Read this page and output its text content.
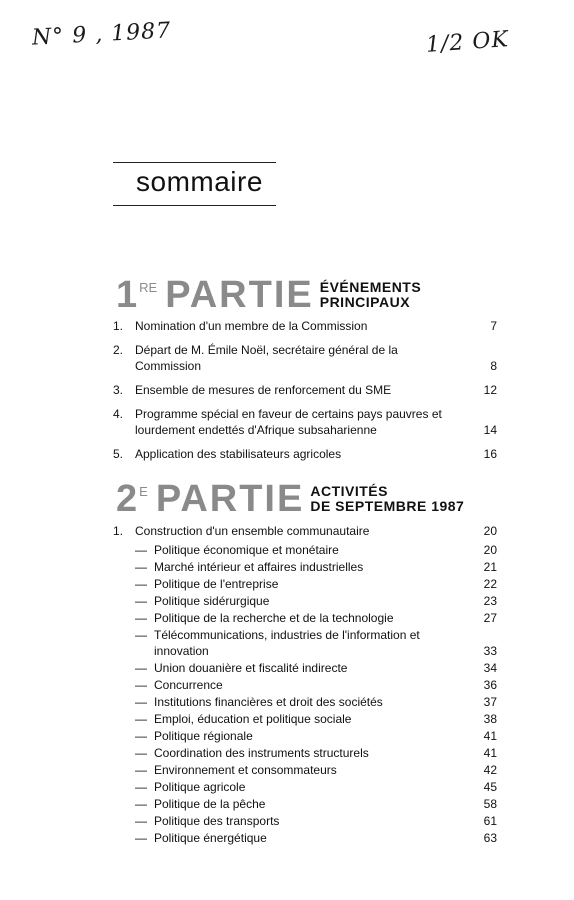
N° 9 , 1987	1/2 OK
sommaire
1 RE PARTIE ÉVÉNEMENTS
PRINCIPAUX
1. Nomination d'un membre de la Commission	7
2. Départ de M. Émile Noël, secrétaire général de la Commission	8
3. Ensemble de mesures de renforcement du SME	12
4. Programme spécial en faveur de certains pays pauvres et lourdement endettés d'Afrique subsaharienne	14
5. Application des stabilisateurs agricoles	16
2 E PARTIE ACTIVITÉS
DE SEPTEMBRE 1987
1. Construction d'un ensemble communautaire	20
— Politique économique et monétaire	20
— Marché intérieur et affaires industrielles	21
— Politique de l'entreprise	22
— Politique sidérurgique	23
— Politique de la recherche et de la technologie	27
— Télécommunications, industries de l'information et innovation	33
— Union douanière et fiscalité indirecte	34
— Concurrence	36
— Institutions financières et droit des sociétés	37
— Emploi, éducation et politique sociale	38
— Politique régionale	41
— Coordination des instruments structurels	41
— Environnement et consommateurs	42
— Politique agricole	45
— Politique de la pêche	58
— Politique des transports	61
— Politique énergétique	63
